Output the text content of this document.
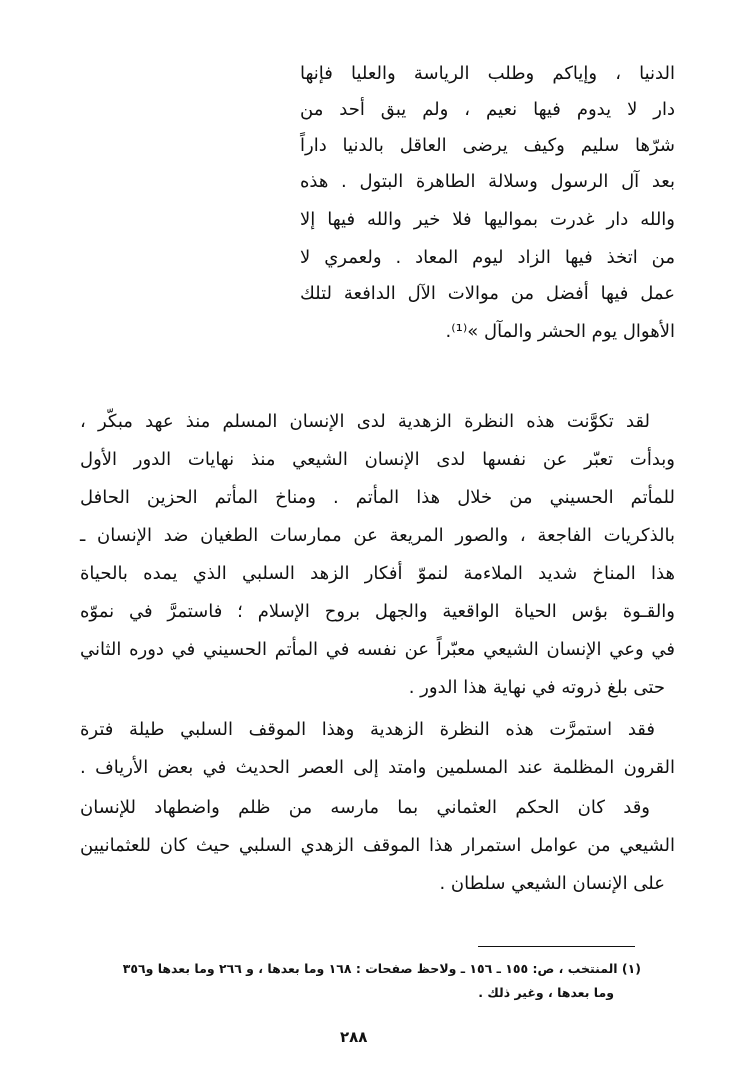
الدنيا ، وإياكم وطلب الرياسة والعليا فإنها
دار لا يدوم فيها نعيم ، ولم يبق أحد من
شرّها سليم وكيف يرضى العاقل بالدنيا داراً
بعد آل الرسول وسلالة الطاهرة البتول . هذه
والله دار غدرت بمواليها فلا خير والله فيها إلا
من اتخذ فيها الزاد ليوم المعاد . ولعمري لا
عمل فيها أفضل من موالات الآل الدافعة لتلك
الأهوال يوم الحشر والمآل »⁽¹⁾.
لقد تكوَّنت هذه النظرة الزهدية لدى الإنسان المسلم منذ عهد مبكّر ،
وبدأت تعبّر عن نفسها لدى الإنسان الشيعي منذ نهايات الدور الأول
للمأتم الحسيني من خلال هذا المأتم . ومناخ المأتم الحزين الحافل
بالذكريات الفاجعة ، والصور المريعة عن ممارسات الطغيان ضد الإنسان ـ
هذا المناخ شديد الملاءمة لنموّ أفكار الزهد السلبي الذي يمده بالحياة
والقـوة بؤس الحياة الواقعية والجهل بروح الإسلام ؛ فاستمرَّ في نموّه
في وعي الإنسان الشيعي معبّراً عن نفسه في المأتم الحسيني في دوره الثاني
حتى بلغ ذروته في نهاية هذا الدور .
فقد استمرَّت هذه النظرة الزهدية وهذا الموقف السلبي طيلة فترة
القرون المظلمة عند المسلمين وامتد إلى العصر الحديث في بعض الأرياف .
وقد كان الحكم العثماني بما مارسه من ظلم واضطهاد للإنسان
الشيعي من عوامل استمرار هذا الموقف الزهدي السلبي حيث كان للعثمانيين
على الإنسان الشيعي سلطان .
(١) المنتخب ، ص: ١٥٥ ـ ١٥٦ ـ ولاحظ صفحات : ١٦٨ وما بعدها ، و ٢٦٦ وما بعدها و٣٥٦
وما بعدها ، وغير ذلك .
٢٨٨
